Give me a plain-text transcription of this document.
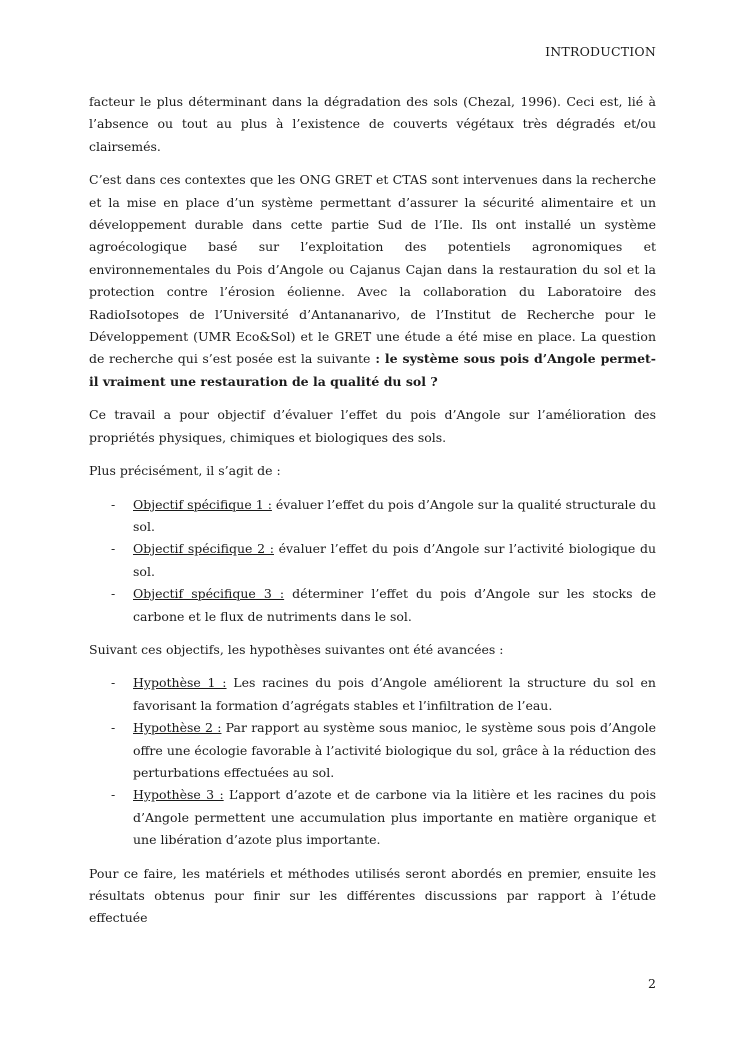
INTRODUCTION

facteur le plus déterminant dans la dégradation des sols (Chezal, 1996). Ceci est, lié à l’absence ou tout au plus à l’existence de couverts végétaux très dégradés et/ou clairsemés.

C’est dans ces contextes que les ONG GRET et CTAS sont intervenues dans la recherche et la mise en place d’un système permettant d’assurer la sécurité alimentaire et un développement durable dans cette partie Sud de l’Ile. Ils ont installé un système agroécologique basé sur l’exploitation des potentiels agronomiques et environnementales du Pois d’Angole ou Cajanus Cajan dans la restauration du sol et la protection contre l’érosion éolienne. Avec la collaboration du Laboratoire des RadioIsotopes de l’Université d’Antananarivo, de l’Institut de Recherche pour le Développement (UMR Eco&Sol) et le GRET une étude a été mise en place. La question de recherche qui s’est posée est la suivante : le système sous pois d’Angole permet-il vraiment une restauration de la qualité du sol ?

Ce travail a pour objectif d’évaluer l’effet du pois d’Angole sur l’amélioration des propriétés physiques, chimiques et biologiques des sols.

Plus précisément, il s’agit de :

- Objectif spécifique 1 : évaluer l’effet du pois d’Angole sur la qualité structurale du sol.
- Objectif spécifique 2 : évaluer l’effet du pois d’Angole sur l’activité biologique du sol.
- Objectif spécifique 3 : déterminer l’effet du pois d’Angole sur les stocks de carbone et le flux de nutriments dans le sol.

Suivant ces objectifs, les hypothèses suivantes ont été avancées :

- Hypothèse 1 : Les racines du pois d’Angole améliorent la structure du sol en favorisant la formation d’agrégats stables et l’infiltration de l’eau.
- Hypothèse 2 : Par rapport au système sous manioc, le système sous pois d’Angole offre une écologie favorable à l’activité biologique du sol, grâce à la réduction des perturbations effectuées au sol.
- Hypothèse 3 : L’apport d’azote et de carbone via la litière et les racines du pois d’Angole permettent une accumulation plus importante en matière organique et une libération d’azote plus importante.

Pour ce faire, les matériels et méthodes utilisés seront abordés en premier, ensuite les résultats obtenus pour finir sur les différentes discussions par rapport à l’étude effectuée

2
